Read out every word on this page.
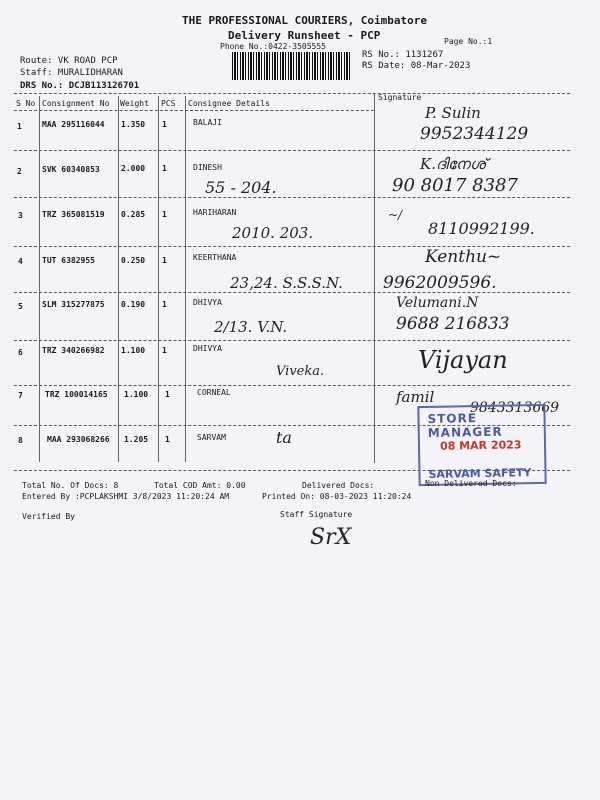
THE PROFESSIONAL COURIERS, Coimbatore
Delivery Runsheet - PCP
Phone No.:0422-3505555
Page No.:1
Route: VK ROAD PCP
Staff: MURALIDHARAN
DRS No.: DCJB113126701
RS No.: 1131267
RS Date: 08-Mar-2023
S No Consignment No Weight PCS Consignee Details
Signature
1	MAA 295116044 1.350 1	BALAJI
P. Sulin
9952344129
2	SVK 60340853	2.000 1	DINESH
55 - 204.
K.ദിനേശ്
90 8017 8387
3 TRZ 365081519 0.285 1	HARIHARAN
2010. 203.
~/
8110992199.
4 TUT 6382955	0.250 1	KEERTHANA
23,24. S.S.S.N.
Kenthu~
9962009596.
5 SLM 315277875 0.190 1	DHIVYA
2/13. V.N.
Velumani.N
9688 216833
6 TRZ 340266982 1.100 1	DHIVYA
Viveka.	Vijayan
7	TRZ 100014165 1.100 1	CORNEAL	famil
9843313669
8	MAA 293068266 1.205 1	SARVAM	ta
STORE MANAGER
08 MAR 2023
SARVAM SAFETY
Total No. Of Docs: 8	Total COD Amt: 0.00	Delivered Docs:	Non Delivered Docs:
Entered By :PCPLAKSHMI 3/8/2023 11:20:24 AM	Printed On: 08-03-2023 11:20:24
Verified By	Staff Signature
SrX
